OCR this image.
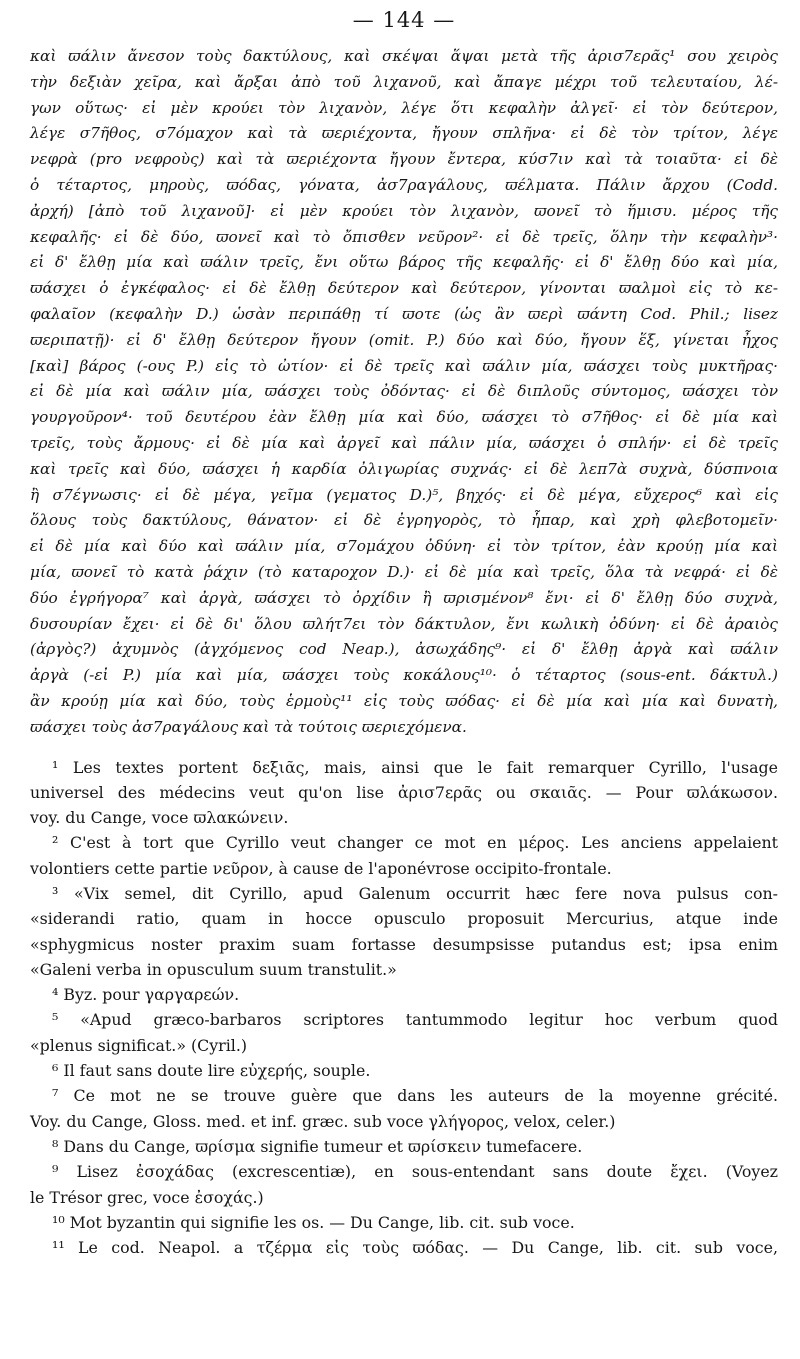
— 144 —

καὶ ϖάλιν ἄνεσον τοὺς δακτύλους, καὶ σκέψαι ἅψαι μετὰ τῆς ἀρισ7ερᾶς¹ σου χειρὸς

τὴν δεξιὰν χεῖρα, καὶ ἄρξαι ἀπὸ τοῦ λιχανοῦ, καὶ ἄπαγε μέχρι τοῦ τελευταίου, λέ-

γων οὕτως· εἰ μὲν κρούει τὸν λιχανὸν, λέγε ὅτι κεφαλὴν ἀλγεῖ· εἰ τὸν δεύτερον,

λέγε σ7ῆθος, σ7όμαχον καὶ τὰ ϖεριέχοντα, ἤγουν σπλῆνα· εἰ δὲ τὸν τρίτον, λέγε

νεφρὰ (pro νεφροὺς) καὶ τὰ ϖεριέχοντα ἤγουν ἔντερα, κύσ7ιν καὶ τὰ τοιαῦτα· εἰ δὲ

ὁ τέταρτος, μηροὺς, ϖόδας, γόνατα, ἀσ7ραγάλους, ϖέλματα. Πάλιν ἄρχου (Codd.

ἀρχή) [ἀπὸ τοῦ λιχανοῦ]· εἰ μὲν κρούει τὸν λιχανὸν, ϖονεῖ τὸ ἥμισυ. μέρος τῆς

κεφαλῆς· εἰ δὲ δύο, ϖονεῖ καὶ τὸ ὄπισθεν νεῦρον²· εἰ δὲ τρεῖς, ὅλην τὴν κεφαλὴν³·

εἰ δ' ἔλθῃ μία καὶ ϖάλιν τρεῖς, ἔνι οὕτω βάρος τῆς κεφαλῆς· εἰ δ' ἔλθῃ δύο καὶ μία,

ϖάσχει ὁ ἐγκέφαλος· εἰ δὲ ἔλθῃ δεύτερον καὶ δεύτερον, γίνονται ϖαλμοὶ εἰς τὸ κε-

φαλαῖον (κεφαλὴν D.) ὡσὰν περιπάθῃ τί ϖοτε (ὡς ἂν ϖερὶ ϖάντη Cod. Phil.; lisez

ϖεριπατῇ)· εἰ δ' ἔλθῃ δεύτερον ἤγουν (omit. P.) δύο καὶ δύο, ἤγουν ἕξ, γίνεται ἦχος

[καὶ] βάρος (-ους P.) εἰς τὸ ὠτίον· εἰ δὲ τρεῖς καὶ ϖάλιν μία, ϖάσχει τοὺς μυκτῆρας·

εἰ δὲ μία καὶ ϖάλιν μία, ϖάσχει τοὺς ὀδόντας· εἰ δὲ διπλοῦς σύντομος, ϖάσχει τὸν

γουργοῦρον⁴· τοῦ δευτέρου ἐὰν ἔλθῃ μία καὶ δύο, ϖάσχει τὸ σ7ῆθος· εἰ δὲ μία καὶ

τρεῖς, τοὺς ἄρμους· εἰ δὲ μία καὶ ἀργεῖ καὶ πάλιν μία, ϖάσχει ὁ σπλήν· εἰ δὲ τρεῖς

καὶ τρεῖς καὶ δύο, ϖάσχει ἡ καρδία ὀλιγωρίας συχνάς· εἰ δὲ λεπ7ὰ συχνὰ, δύσπνοια

ἢ σ7έγνωσις· εἰ δὲ μέγα, γεῖμα (γεματος D.)⁵, βηχός· εἰ δὲ μέγα, εὔχερος⁶ καὶ εἰς

ὅλους τοὺς δακτύλους, θάνατον· εἰ δὲ ἐγρηγορὸς, τὸ ἧπαρ, καὶ χρὴ φλεβοτομεῖν·

εἰ δὲ μία καὶ δύο καὶ ϖάλιν μία, σ7ομάχου ὀδύνη· εἰ τὸν τρίτον, ἐὰν κρούῃ μία καὶ

μία, ϖονεῖ τὸ κατὰ ῥάχιν (τὸ καταροχον D.)· εἰ δὲ μία καὶ τρεῖς, ὅλα τὰ νεφρά· εἰ δὲ

δύο ἐγρήγορα⁷ καὶ ἀργὰ, ϖάσχει τὸ ὀρχίδιν ἢ ϖρισμένον⁸ ἔνι· εἰ δ' ἔλθῃ δύο συχνὰ,

δυσουρίαν ἔχει· εἰ δὲ δι' ὅλου ϖλήτ7ει τὸν δάκτυλον, ἔνι κωλικὴ ὀδύνη· εἰ δὲ ἀραιὸς

(ἀργὸς?) ἀχυμνὸς (ἀγχόμενος cod Neap.), ἀσωχάδης⁹· εἰ δ' ἔλθῃ ἀργὰ καὶ ϖάλιν

ἀργὰ (-εἰ P.) μία καὶ μία, ϖάσχει τοὺς κοκάλους¹⁰· ὁ τέταρτος (sous-ent. δάκτυλ.)

ἂν κρούῃ μία καὶ δύο, τοὺς ἑρμοὺς¹¹ εἰς τοὺς ϖόδας· εἰ δὲ μία καὶ μία καὶ δυνατὴ,

ϖάσχει τοὺς ἀσ7ραγάλους καὶ τὰ τούτοις ϖεριεχόμενα.

¹ Les textes portent δεξιᾶς, mais, ainsi que le fait remarquer Cyrillo, l'usage

universel des médecins veut qu'on lise ἀρισ7ερᾶς ou σκαιᾶς. — Pour ϖλάκωσον.

voy. du Cange, voce ϖλακώνειν.

² C'est à tort que Cyrillo veut changer ce mot en μέρος. Les anciens appelaient

volontiers cette partie νεῦρον, à cause de l'aponévrose occipito-frontale.

³ «Vix semel, dit Cyrillo, apud Galenum occurrit hæc fere nova pulsus con-

«siderandi ratio, quam in hocce opusculo proposuit Mercurius, atque inde

«sphygmicus noster praxim suam fortasse desumpsisse putandus est; ipsa enim

«Galeni verba in opusculum suum transtulit.»

⁴ Byz. pour γαργαρεών.

⁵ «Apud græco-barbaros scriptores tantummodo legitur hoc verbum quod

«plenus significat.» (Cyril.)

⁶ Il faut sans doute lire εὐχερής, souple.

⁷ Ce mot ne se trouve guère que dans les auteurs de la moyenne grécité.

Voy. du Cange, Gloss. med. et inf. græc. sub voce γλήγορος, velox, celer.)

⁸ Dans du Cange, ϖρίσμα signifie tumeur et ϖρίσκειν tumefacere.

⁹ Lisez ἐσοχάδας (excrescentiæ), en sous-entendant sans doute ἔχει. (Voyez

le Trésor grec, voce ἐσοχάς.)

¹⁰ Mot byzantin qui signifie les os. — Du Cange, lib. cit. sub voce.

¹¹ Le cod. Neapol. a τζέρμα εἰς τοὺς ϖόδας. — Du Cange, lib. cit. sub voce,
